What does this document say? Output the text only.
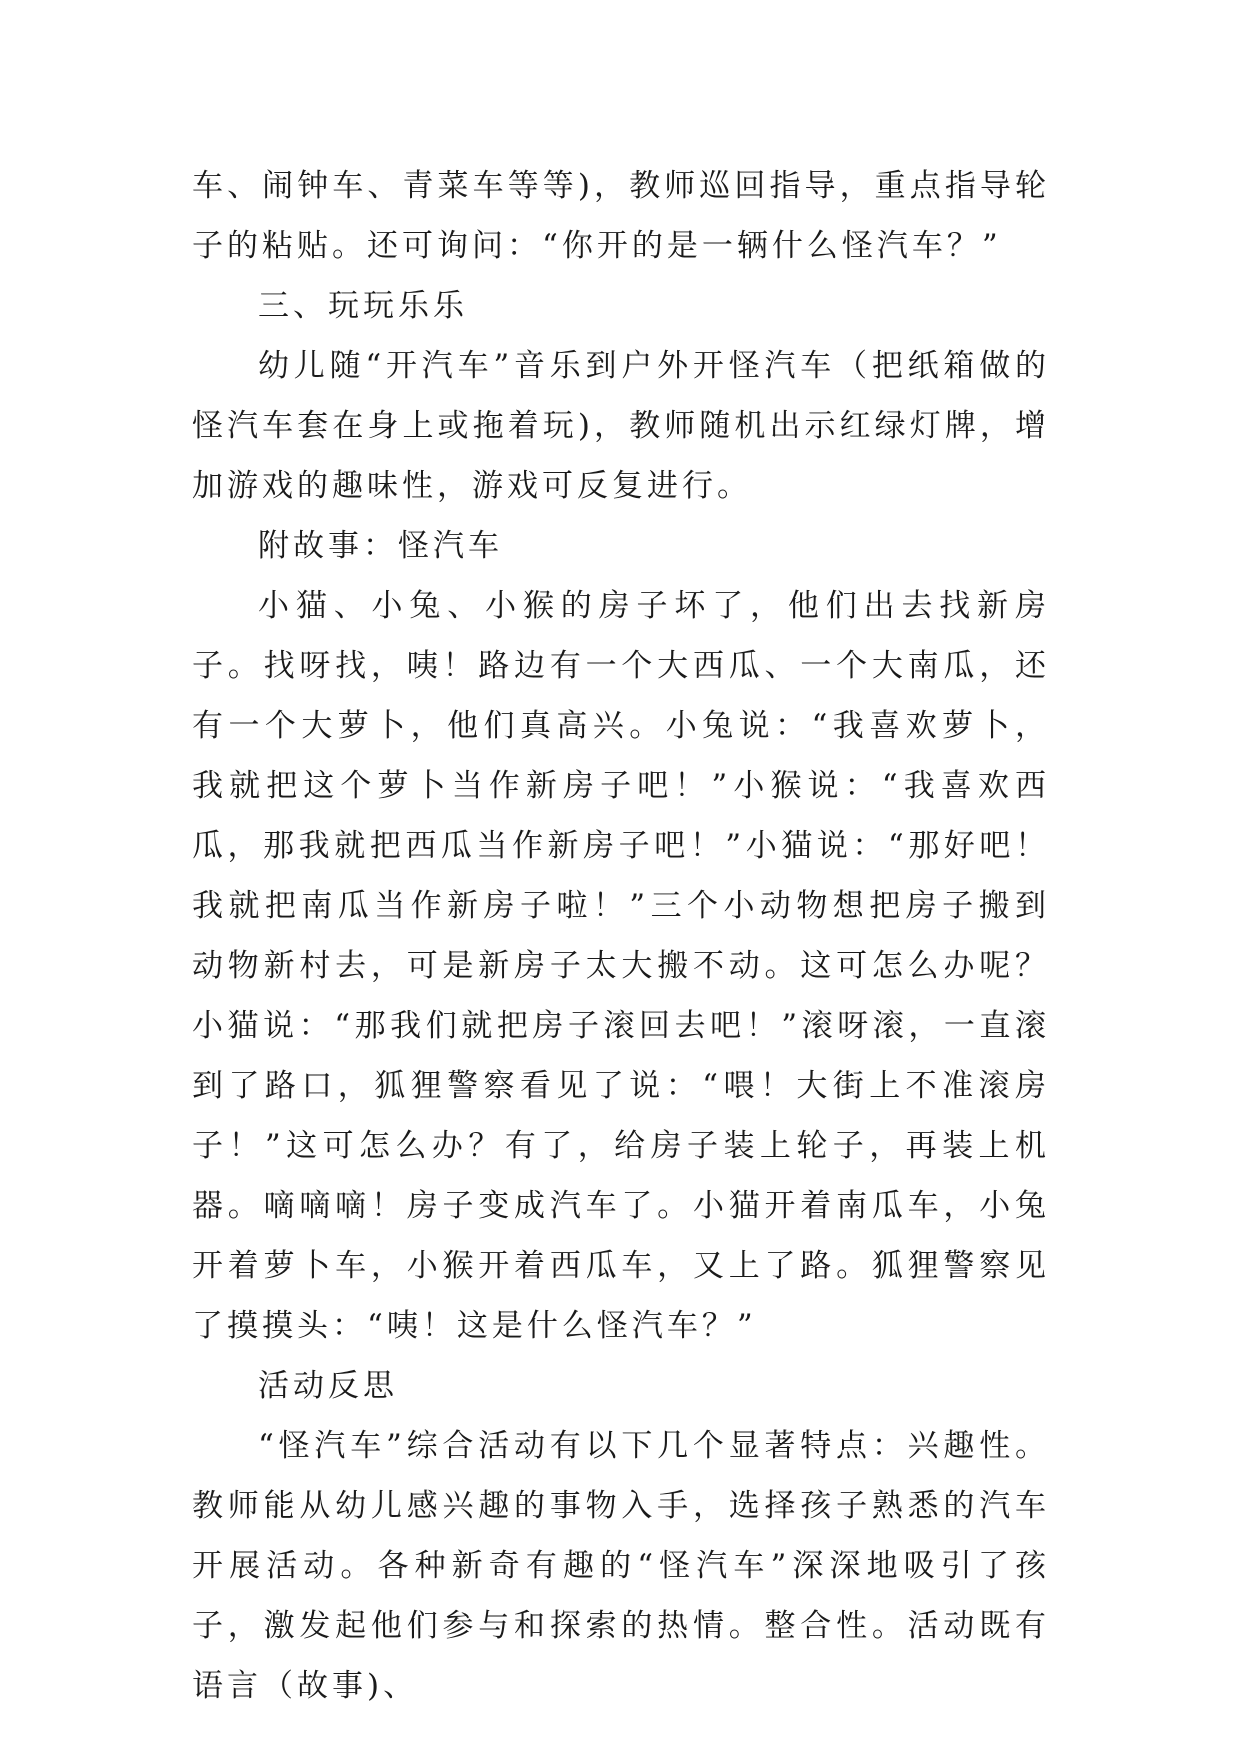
车、闹钟车、青菜车等等)，教师巡回指导，重点指导轮子的粘贴。还可询问：“你开的是一辆什么怪汽车？”

三、玩玩乐乐

幼儿随“开汽车”音乐到户外开怪汽车（把纸箱做的怪汽车套在身上或拖着玩)，教师随机出示红绿灯牌，增加游戏的趣味性，游戏可反复进行。

附故事：怪汽车

小猫、小兔、小猴的房子坏了，他们出去找新房子。找呀找，咦！路边有一个大西瓜、一个大南瓜，还有一个大萝卜，他们真高兴。小兔说：“我喜欢萝卜，我就把这个萝卜当作新房子吧！”小猴说：“我喜欢西瓜，那我就把西瓜当作新房子吧！”小猫说：“那好吧！我就把南瓜当作新房子啦！”三个小动物想把房子搬到动物新村去，可是新房子太大搬不动。这可怎么办呢？小猫说：“那我们就把房子滚回去吧！”滚呀滚，一直滚到了路口，狐狸警察看见了说：“喂！大街上不准滚房子！”这可怎么办？有了，给房子装上轮子，再装上机器。嘀嘀嘀！房子变成汽车了。小猫开着南瓜车，小兔开着萝卜车，小猴开着西瓜车，又上了路。狐狸警察见了摸摸头：“咦！这是什么怪汽车？”

活动反思

“怪汽车”综合活动有以下几个显著特点：兴趣性。教师能从幼儿感兴趣的事物入手，选择孩子熟悉的汽车开展活动。各种新奇有趣的“怪汽车”深深地吸引了孩子，激发起他们参与和探索的热情。整合性。活动既有语言（故事)、
